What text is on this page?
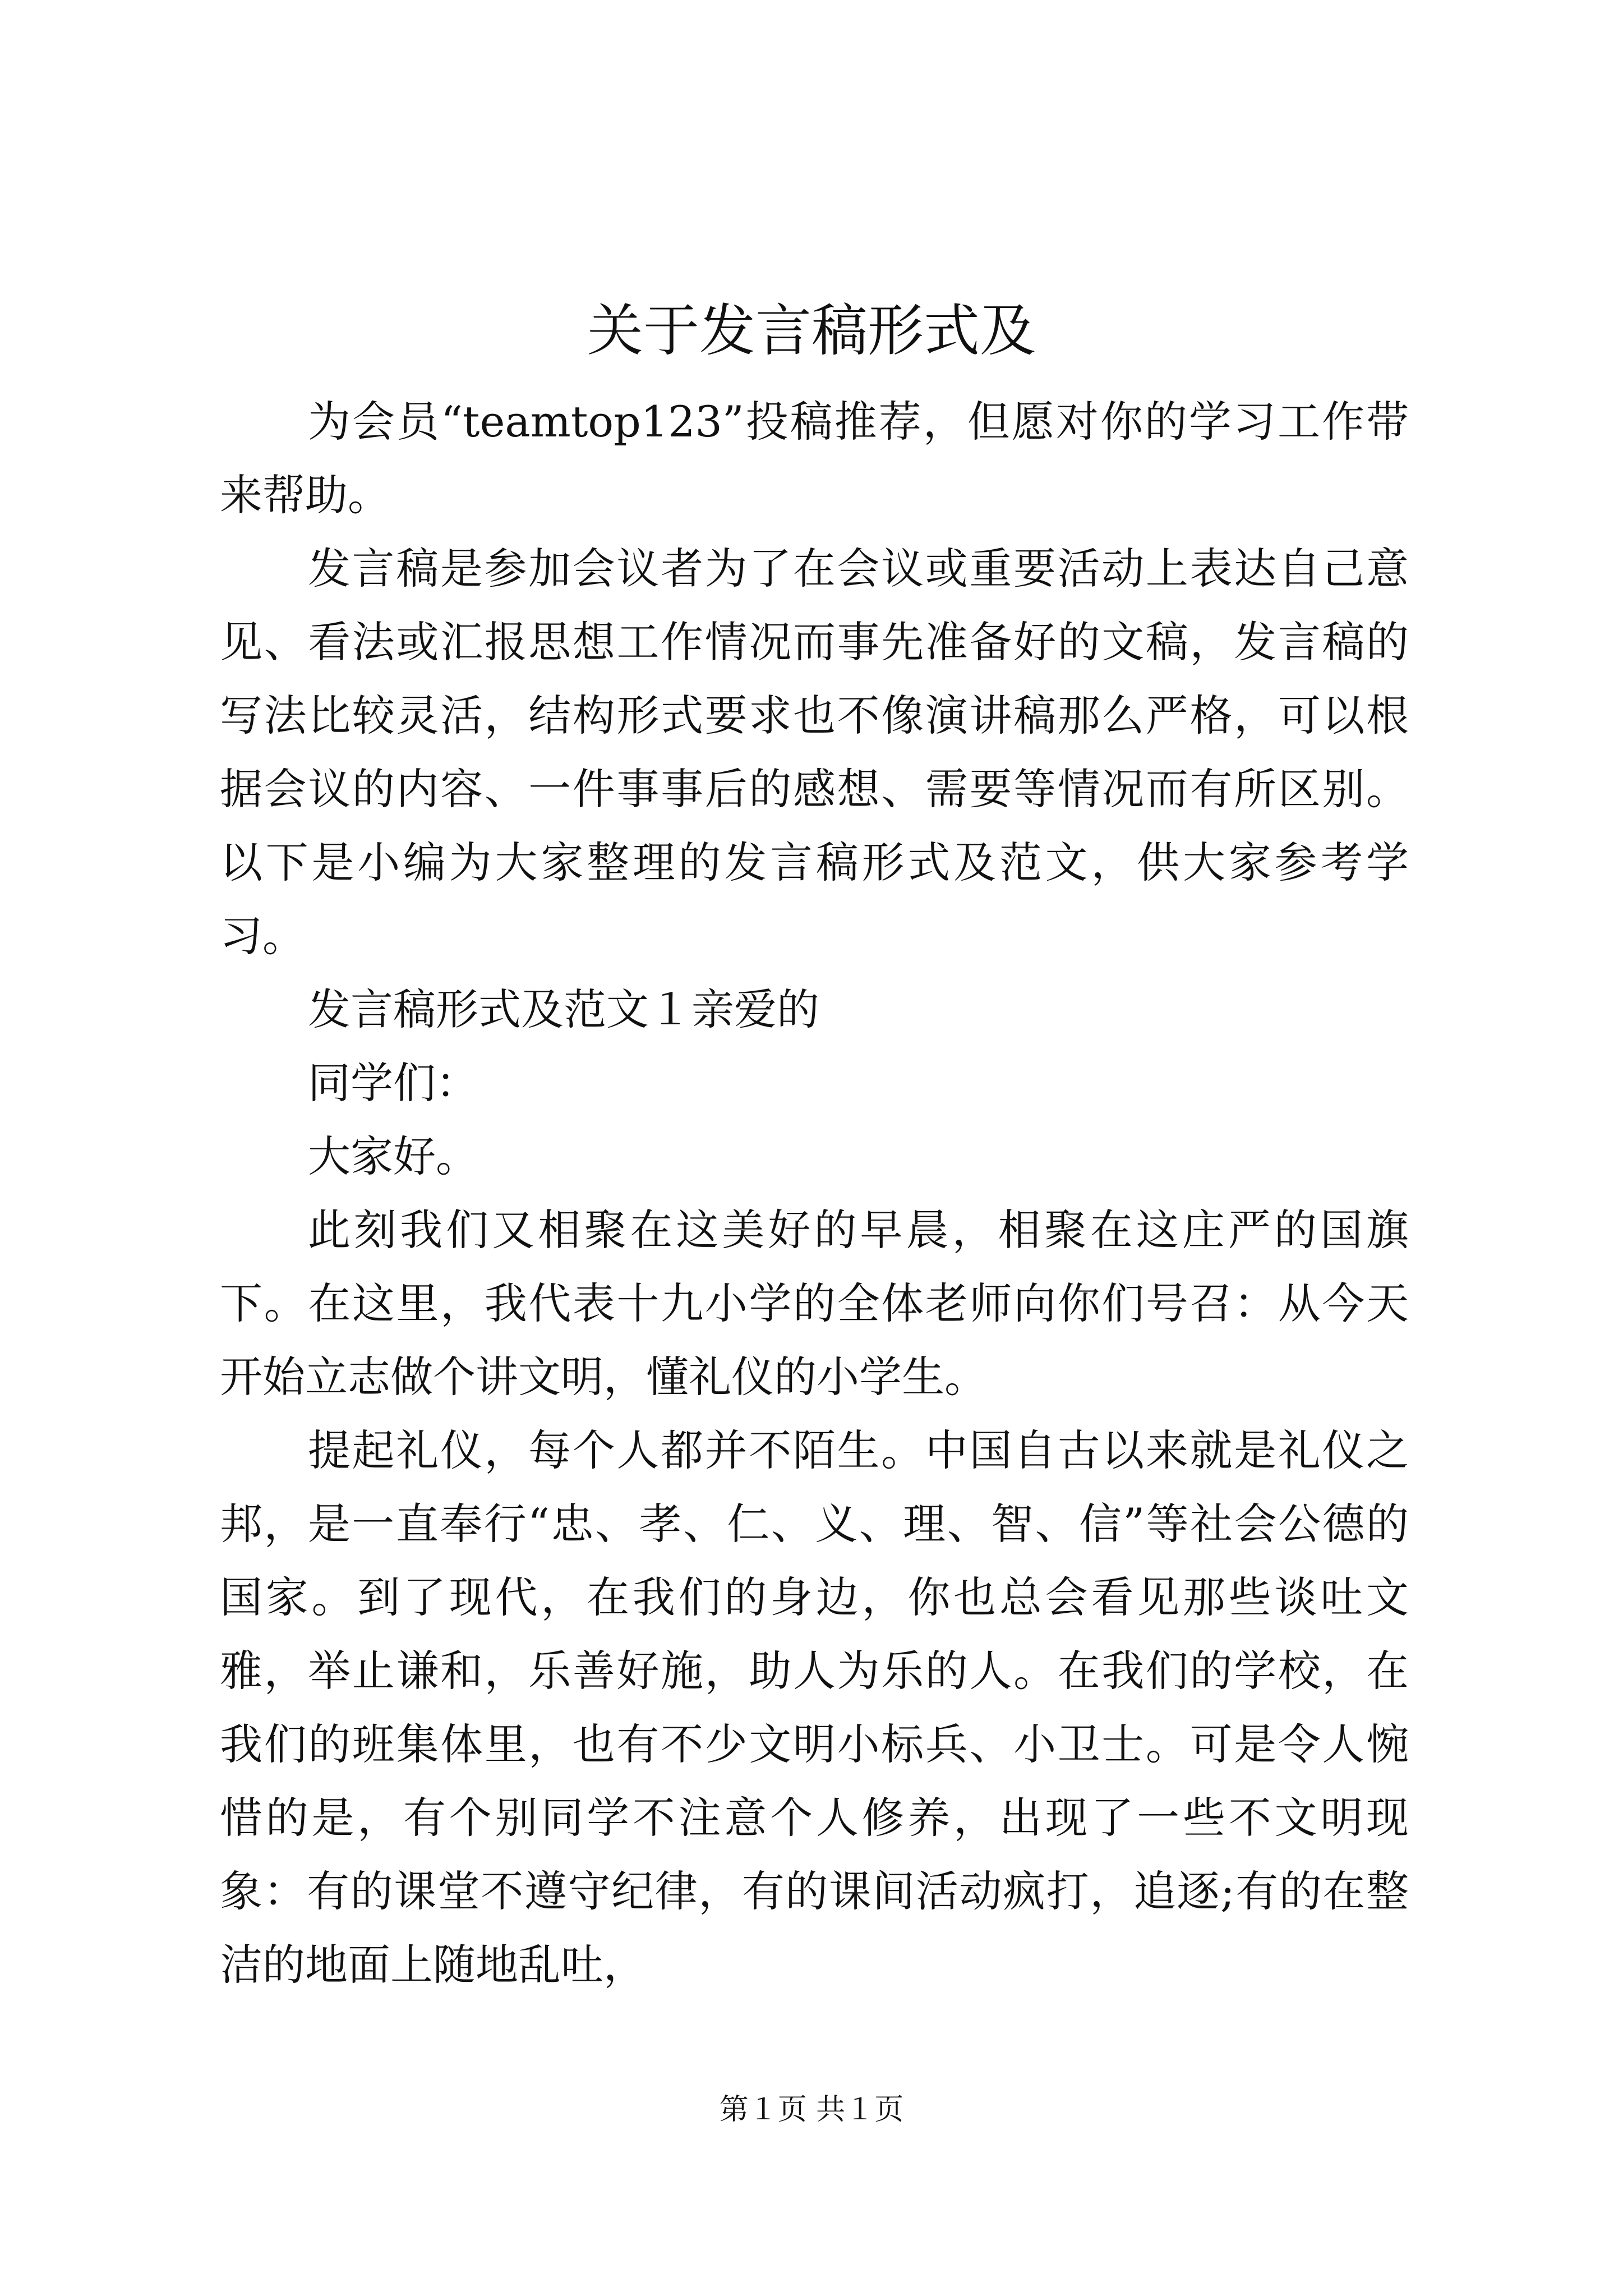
关于发言稿形式及

为会员“teamtop123”投稿推荐，但愿对你的学习工作带来帮助。

发言稿是参加会议者为了在会议或重要活动上表达自己意见、看法或汇报思想工作情况而事先准备好的文稿，发言稿的写法比较灵活，结构形式要求也不像演讲稿那么严格，可以根据会议的内容、一件事事后的感想、需要等情况而有所区别。以下是小编为大家整理的发言稿形式及范文，供大家参考学习。

发言稿形式及范文１亲爱的

同学们：

大家好。

此刻我们又相聚在这美好的早晨，相聚在这庄严的国旗下。在这里，我代表十九小学的全体老师向你们号召：从今天开始立志做个讲文明，懂礼仪的小学生。

提起礼仪，每个人都并不陌生。中国自古以来就是礼仪之邦，是一直奉行“忠、孝、仁、义、理、智、信”等社会公德的国家。到了现代，在我们的身边，你也总会看见那些谈吐文雅，举止谦和，乐善好施，助人为乐的人。在我们的学校，在我们的班集体里，也有不少文明小标兵、小卫士。可是令人惋惜的是，有个别同学不注意个人修养，出现了一些不文明现象：有的课堂不遵守纪律，有的课间活动疯打，追逐;有的在整洁的地面上随地乱吐，

第１页 共１页
